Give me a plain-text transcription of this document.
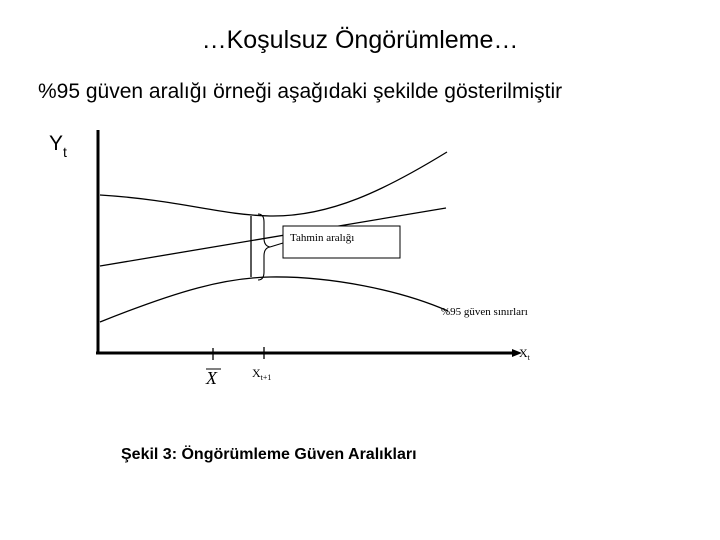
…Koşulsuz Öngörümleme…
%95 güven aralığı örneği aşağıdaki şekilde gösterilmiştir
Tahmin aralığı
%95 güven sınırları
$Y_t$
$X_t$
X	$X_{t+1}$
Şekil 3: Öngörümleme Güven Aralıkları
